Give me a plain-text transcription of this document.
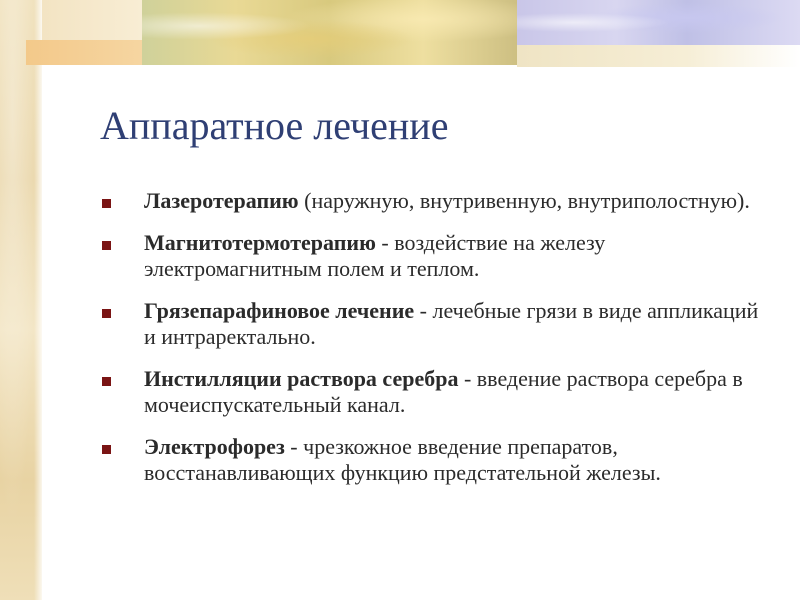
Аппаратное лечение
Лазеротерапию (наружную, внутривенную, внутриполостную).
Магнитотермотерапию - воздействие на железу электромагнитным полем и теплом.
Грязепарафиновое лечение - лечебные грязи в виде аппликаций и интраректально.
Инстилляции раствора серебра - введение раствора серебра в мочеиспускательный канал.
Электрофорез - чрезкожное введение препаратов, восстанавливающих функцию предстательной железы.
